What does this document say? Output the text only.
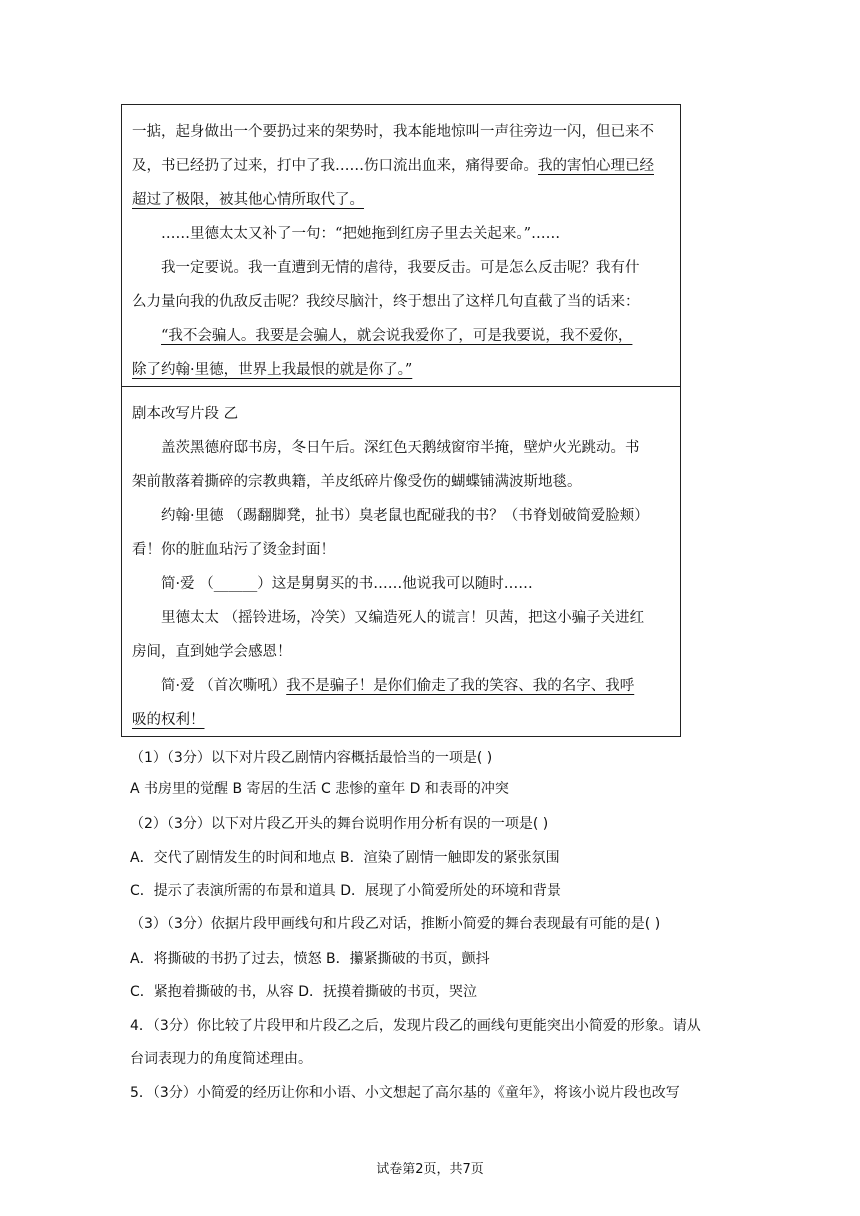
一掂，起身做出一个要扔过来的架势时，我本能地惊叫一声往旁边一闪，但已来不
及，书已经扔了过来，打中了我……伤口流出血来，痛得要命。我的害怕心理已经
超过了极限，被其他心情所取代了。
……里德太太又补了一句：“把她拖到红房子里去关起来。”……
我一定要说。我一直遭到无情的虐待，我要反击。可是怎么反击呢？我有什
么力量向我的仇敌反击呢？我绞尽脑汁，终于想出了这样几句直截了当的话来：
“我不会骗人。我要是会骗人，就会说我爱你了，可是我要说，我不爱你，
除了约翰·里德，世界上我最恨的就是你了。”
剧本改写片段 乙
盖茨黑德府邸书房，冬日午后。深红色天鹅绒窗帘半掩，壁炉火光跳动。书
架前散落着撕碎的宗教典籍，羊皮纸碎片像受伤的蝴蝶铺满波斯地毯。
约翰·里德 （踢翻脚凳，扯书）臭老鼠也配碰我的书？（书脊划破简爱脸颊）
看！你的脏血玷污了烫金封面！
简·爱 （______）这是舅舅买的书……他说我可以随时……
里德太太 （摇铃进场，冷笑）又编造死人的谎言！贝茜，把这小骗子关进红
房间，直到她学会感恩！
简·爱 （首次嘶吼）我不是骗子！是你们偷走了我的笑容、我的名字、我呼
吸的权利！
（1）（3分）以下对片段乙剧情内容概括最恰当的一项是( )
A 书房里的觉醒 B 寄居的生活 C 悲惨的童年 D 和表哥的冲突
（2）（3分）以下对片段乙开头的舞台说明作用分析有误的一项是( )
A．交代了剧情发生的时间和地点 B．渲染了剧情一触即发的紧张氛围
C．提示了表演所需的布景和道具 D．展现了小简爱所处的环境和背景
（3）（3分）依据片段甲画线句和片段乙对话，推断小简爱的舞台表现最有可能的是( )
A．将撕破的书扔了过去，愤怒 B．攥紧撕破的书页，颤抖
C．紧抱着撕破的书，从容 D．抚摸着撕破的书页，哭泣
4．（3分）你比较了片段甲和片段乙之后，发现片段乙的画线句更能突出小简爱的形象。请从
台词表现力的角度简述理由。
5．（3分）小简爱的经历让你和小语、小文想起了高尔基的《童年》，将该小说片段也改写
试卷第2页，共7页
